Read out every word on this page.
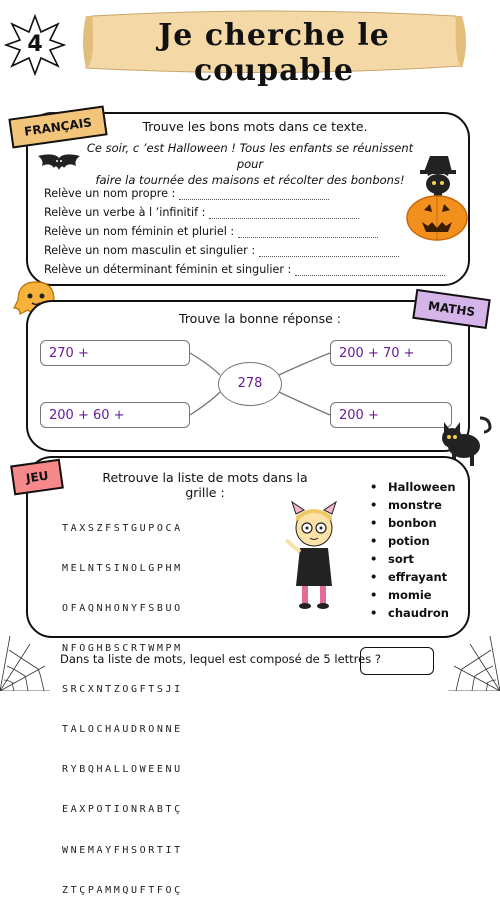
4	Je cherche le coupable
FRANÇAIS	Trouve les bons mots dans ce texte.
Ce soir, c ’est Halloween ! Tous les enfants se réunissent pour
faire la tournée des maisons et récolter des bonbons!
Relève un nom propre :
Relève un verbe à l ’infinitif :
Relève un nom féminin et pluriel :
Relève un nom masculin et singulier :
Relève un déterminant féminin et singulier :
MATHS
Trouve la bonne réponse :
270 +	200 + 70 +
200 + 60 +	200 +
278
JEU	Retrouve la liste de mots dans la grille :

TAXSZFSTGUPOCA

MELNTSINOLGPHM

OFAQNHONYFSBUO

NFOGHBSCRTWMPM

SRCXNTZOGFTSJI

TALOCHAUDRONNE

RYBQHALLOWEENU

EAXPOTIONRABTÇ

WNEMAYFHSORTIT

ZTÇPAMMQUFTFOÇ

• Halloween
• monstre
• bonbon
• potion
• sort
• effrayant
• momie
• chaudron
Dans ta liste de mots, lequel est composé de 5 lettres ?
